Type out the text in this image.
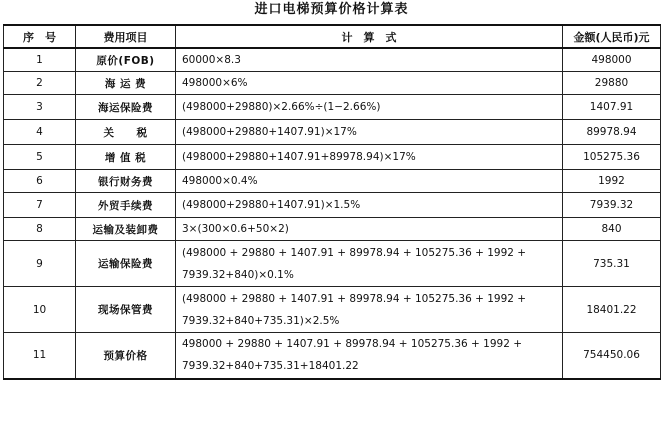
进口电梯预算价格计算表
序　号	费用项目	计　算　式	金额(人民币)元
1	原价(FOB)	60000×8.3	498000
2	海 运 费	498000×6%	29880
3	海运保险费	(498000+29880)×2.66%÷(1−2.66%)	1407.91
4	关　　税	(498000+29880+1407.91)×17%	89978.94
5	增 值 税	(498000+29880+1407.91+89978.94)×17%	105275.36
6	银行财务费	498000×0.4%	1992
7	外贸手续费	(498000+29880+1407.91)×1.5%	7939.32
8	运输及装卸费	3×(300×0.6+50×2)	840
9	运输保险费	(498000 + 29880 + 1407.91 + 89978.94 + 105275.36 + 1992 +
7939.32+840)×0.1%	735.31
10	现场保管费	(498000 + 29880 + 1407.91 + 89978.94 + 105275.36 + 1992 +
7939.32+840+735.31)×2.5%	18401.22
11	预算价格	498000 + 29880 + 1407.91 + 89978.94 + 105275.36 + 1992 +
7939.32+840+735.31+18401.22	754450.06
